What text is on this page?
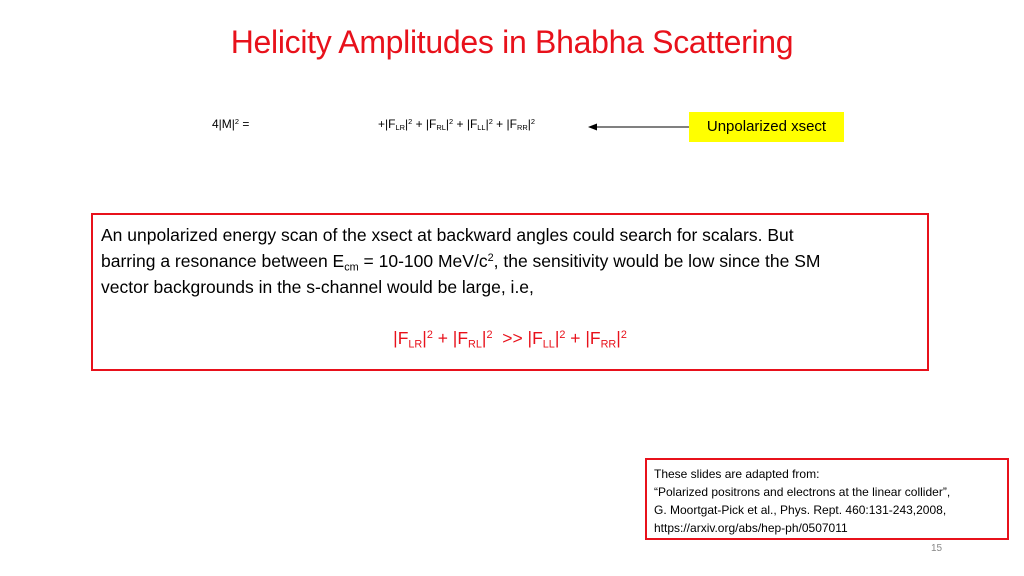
Helicity Amplitudes in Bhabha Scattering
$4|M|^2$ =	$+|F_{LR}|^2 + |F_{RL}|^2 + |F_{LL}|^2 + |F_{RR}|^2$	Unpolarized xsect
An unpolarized energy scan of the xsect at backward angles could search for scalars. But
barring a resonance between $E_{cm} = 10-100$ MeV/$c^2$, the sensitivity would be low since the SM
vector backgrounds in the s-channel would be large, i.e,
$|F_{LR}|^2 + |F_{RL}|^2 >> |F_{LL}|^2 + |F_{RR}|^2$
These slides are adapted from:
“Polarized positrons and electrons at the linear collider”,
G. Moortgat-Pick et al., Phys. Rept. 460:131-243,2008,
https://arxiv.org/abs/hep-ph/0507011
15
